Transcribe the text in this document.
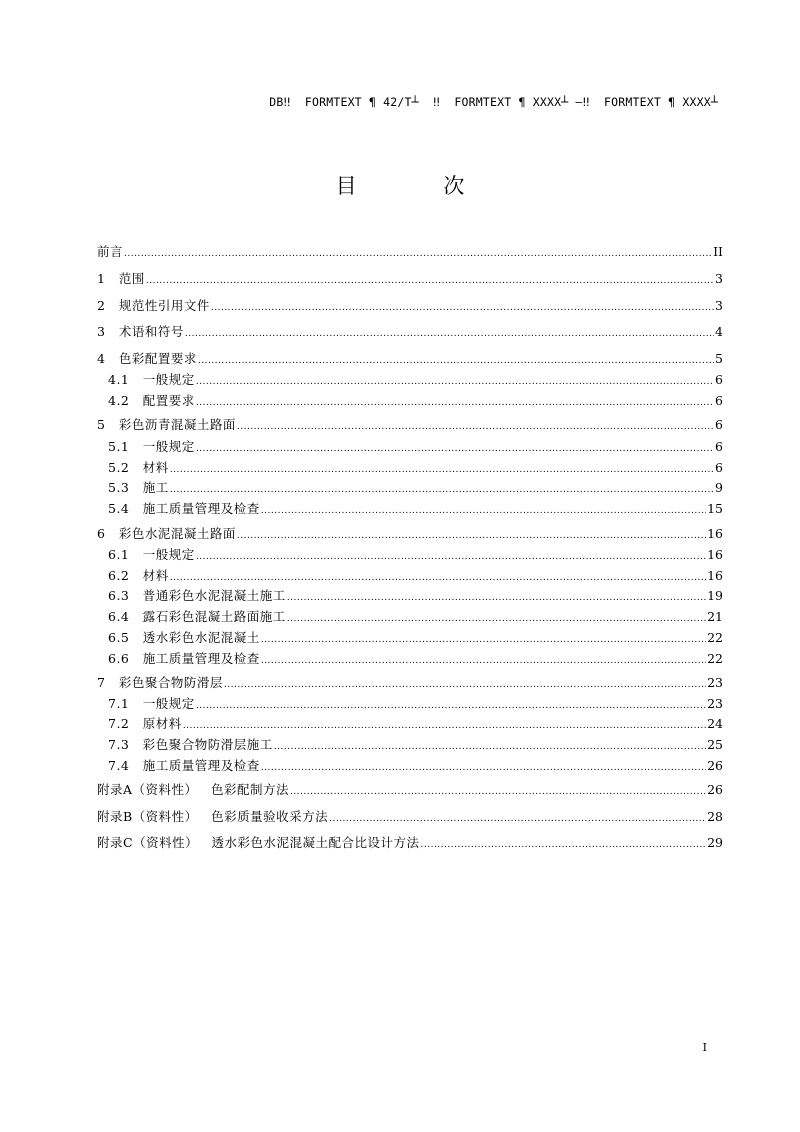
DB‼  FORMTEXT ¶ 42/T┴  ‼  FORMTEXT ¶ XXXX┴ —‼  FORMTEXT ¶ XXXX┴
目 次
前言 .....	II
1   范围 .....	3
2   规范性引用文件 .....	3
3   术语和符号 .....	4
4   色彩配置要求 .....	5
4.1   一般规定 .....	6
4.2   配置要求 .....	6
5   彩色沥青混凝土路面 .....	6
5.1   一般规定 .....	6
5.2   材料 .....	6
5.3   施工 .....	9
5.4   施工质量管理及检查 .....	15
6   彩色水泥混凝土路面 .....	16
6.1   一般规定 .....	16
6.2   材料 .....	16
6.3   普通彩色水泥混凝土施工 .....	19
6.4   露石彩色混凝土路面施工 .....	21
6.5   透水彩色水泥混凝土 .....	22
6.6   施工质量管理及检查 .....	22
7   彩色聚合物防滑层 .....	23
7.1   一般规定 .....	23
7.2   原材料 .....	24
7.3   彩色聚合物防滑层施工 .....	25
7.4   施工质量管理及检查 .....	26
附录A（资料性）   色彩配制方法 .....	26
附录B（资料性）   色彩质量验收采方法 .....	28
附录C（资料性）   透水彩色水泥混凝土配合比设计方法 .....	29
I
